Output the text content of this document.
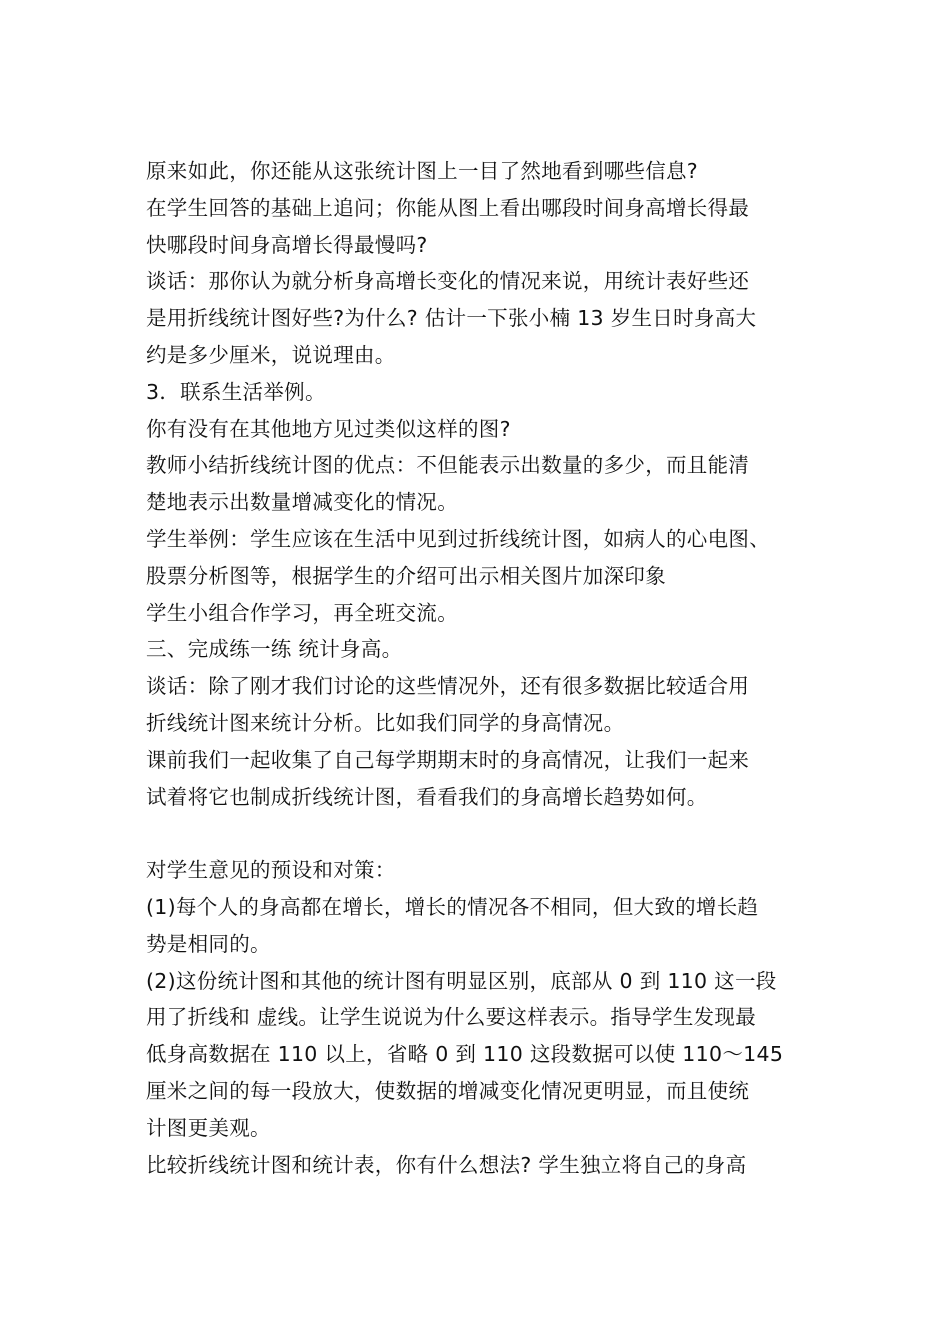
原来如此，你还能从这张统计图上一目了然地看到哪些信息?
在学生回答的基础上追问；你能从图上看出哪段时间身高增长得最
快哪段时间身高增长得最慢吗?
谈话：那你认为就分析身高增长变化的情况来说，用统计表好些还
是用折线统计图好些?为什么? 估计一下张小楠 13 岁生日时身高大
约是多少厘米，说说理由。
3．联系生活举例。
你有没有在其他地方见过类似这样的图?
教师小结折线统计图的优点：不但能表示出数量的多少，而且能清
楚地表示出数量增减变化的情况。
学生举例：学生应该在生活中见到过折线统计图，如病人的心电图、
股票分析图等，根据学生的介绍可出示相关图片加深印象
学生小组合作学习，再全班交流。
三、完成练一练 统计身高。
谈话：除了刚才我们讨论的这些情况外，还有很多数据比较适合用
折线统计图来统计分析。比如我们同学的身高情况。
课前我们一起收集了自己每学期期末时的身高情况，让我们一起来
试着将它也制成折线统计图，看看我们的身高增长趋势如何。
对学生意见的预设和对策：
(1)每个人的身高都在增长，增长的情况各不相同，但大致的增长趋
势是相同的。
(2)这份统计图和其他的统计图有明显区别，底部从 0 到 110 这一段
用了折线和 虚线。让学生说说为什么要这样表示。指导学生发现最
低身高数据在 110 以上，省略 0 到 110 这段数据可以使 110～145
厘米之间的每一段放大，使数据的增减变化情况更明显，而且使统
计图更美观。
比较折线统计图和统计表，你有什么想法? 学生独立将自己的身高
